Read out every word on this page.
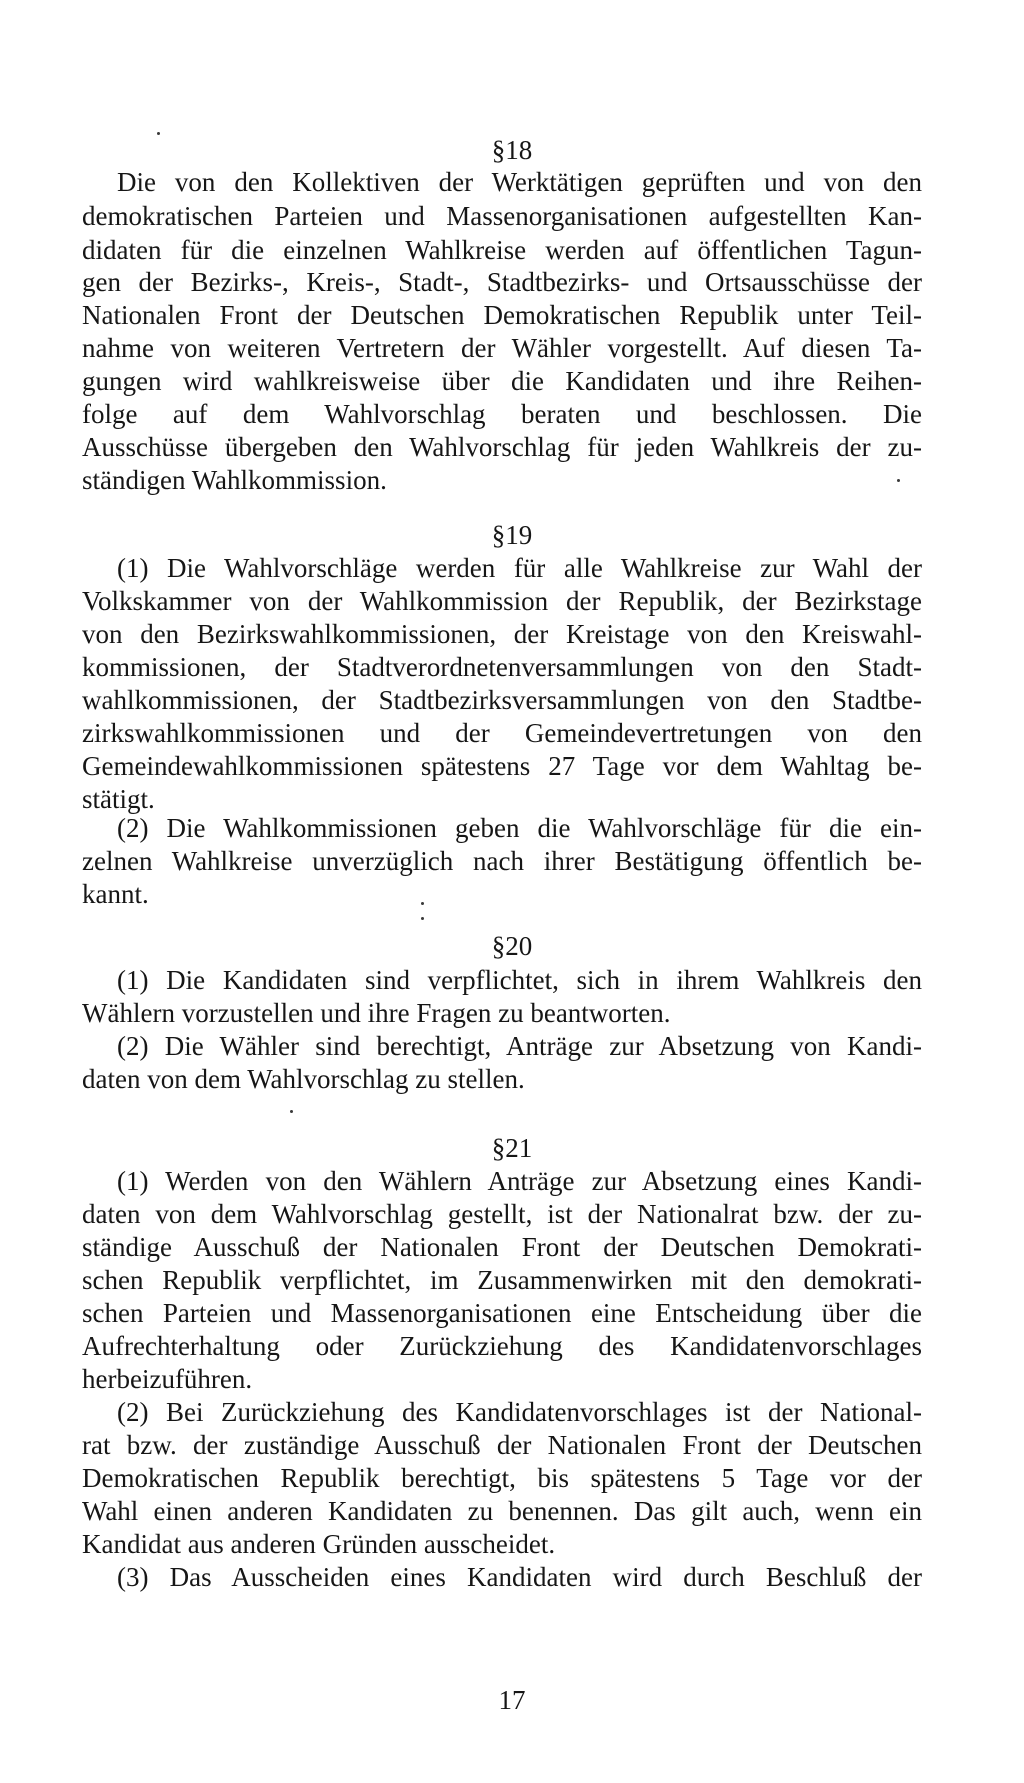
§18
Die von den Kollektiven der Werktätigen geprüften und von den
demokratischen Parteien und Massenorganisationen aufgestellten Kan-
didaten für die einzelnen Wahlkreise werden auf öffentlichen Tagun-
gen der Bezirks-, Kreis-, Stadt-, Stadtbezirks- und Ortsausschüsse der
Nationalen Front der Deutschen Demokratischen Republik unter Teil-
nahme von weiteren Vertretern der Wähler vorgestellt. Auf diesen Ta-
gungen wird wahlkreisweise über die Kandidaten und ihre Reihen-
folge auf dem Wahlvorschlag beraten und beschlossen. Die
Ausschüsse übergeben den Wahlvorschlag für jeden Wahlkreis der zu-
ständigen Wahlkommission.
§19
(1) Die Wahlvorschläge werden für alle Wahlkreise zur Wahl der
Volkskammer von der Wahlkommission der Republik, der Bezirkstage
von den Bezirkswahlkommissionen, der Kreistage von den Kreiswahl-
kommissionen, der Stadtverordnetenversammlungen von den Stadt-
wahlkommissionen, der Stadtbezirksversammlungen von den Stadtbe-
zirkswahlkommissionen und der Gemeindevertretungen von den
Gemeindewahlkommissionen spätestens 27 Tage vor dem Wahltag be-
stätigt.
(2) Die Wahlkommissionen geben die Wahlvorschläge für die ein-
zelnen Wahlkreise unverzüglich nach ihrer Bestätigung öffentlich be-
kannt.
§20
(1) Die Kandidaten sind verpflichtet, sich in ihrem Wahlkreis den
Wählern vorzustellen und ihre Fragen zu beantworten.
(2) Die Wähler sind berechtigt, Anträge zur Absetzung von Kandi-
daten von dem Wahlvorschlag zu stellen.
§21
(1) Werden von den Wählern Anträge zur Absetzung eines Kandi-
daten von dem Wahlvorschlag gestellt, ist der Nationalrat bzw. der zu-
ständige Ausschuß der Nationalen Front der Deutschen Demokrati-
schen Republik verpflichtet, im Zusammenwirken mit den demokrati-
schen Parteien und Massenorganisationen eine Entscheidung über die
Aufrechterhaltung oder Zurückziehung des Kandidatenvorschlages
herbeizuführen.
(2) Bei Zurückziehung des Kandidatenvorschlages ist der National-
rat bzw. der zuständige Ausschuß der Nationalen Front der Deutschen
Demokratischen Republik berechtigt, bis spätestens 5 Tage vor der
Wahl einen anderen Kandidaten zu benennen. Das gilt auch, wenn ein
Kandidat aus anderen Gründen ausscheidet.
(3) Das Ausscheiden eines Kandidaten wird durch Beschluß der
17
